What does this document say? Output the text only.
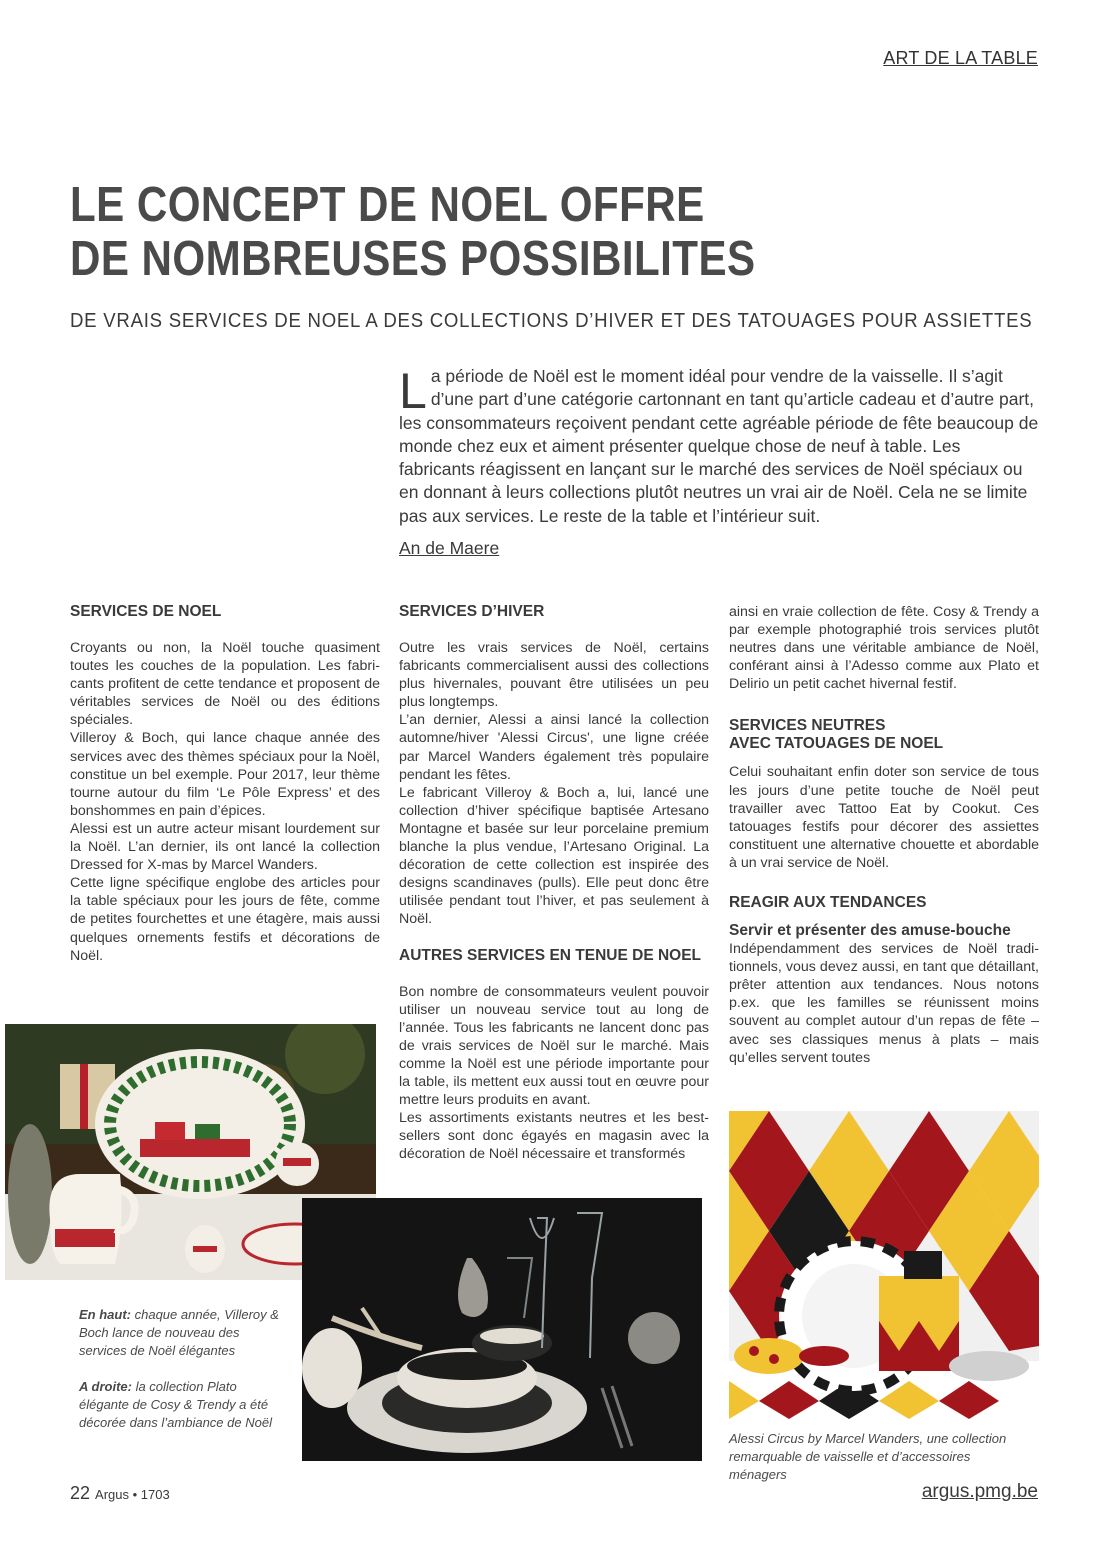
ART DE LA TABLE
LE CONCEPT DE NOEL OFFRE
DE NOMBREUSES POSSIBILITES
DE VRAIS SERVICES DE NOEL A DES COLLECTIONS D’HIVER ET DES TATOUAGES POUR ASSIETTES
La période de Noël est le moment idéal pour vendre de la vaisselle. Il s’agit d’une part d’une catégorie cartonnant en tant qu’article cadeau et d’autre part, les consommateurs reçoivent pendant cette agréable période de fête beaucoup de monde chez eux et aiment présenter quelque chose de neuf à table. Les fabricants réagissent en lançant sur le marché des services de Noël spéciaux ou en donnant à leurs collections plutôt neutres un vrai air de Noël. Cela ne se limite pas aux services. Le reste de la table et l’intérieur suit.
An de Maere
SERVICES DE NOEL

Croyants ou non, la Noël touche quasiment toutes les couches de la population. Les fabricants profitent de cette tendance et proposent de véritables services de Noël ou des éditions spéciales.

Villeroy & Boch, qui lance chaque année des services avec des thèmes spéciaux pour la Noël, constitue un bel exemple. Pour 2017, leur thème tourne autour du film ‘Le Pôle Express’ et des bonshommes en pain d’épices.

Alessi est un autre acteur misant lourdement sur la Noël. L’an dernier, ils ont lancé la collection Dressed for X-mas by Marcel Wanders.

Cette ligne spécifique englobe des articles pour la table spéciaux pour les jours de fête, comme de petites fourchettes et une étagère, mais aussi quelques ornements festifs et décorations de Noël.

SERVICES D’HIVER

Outre les vrais services de Noël, certains fabricants commercialisent aussi des collections plus hivernales, pouvant être utilisées un peu plus longtemps.

L’an dernier, Alessi a ainsi lancé la collection automne/hiver 'Alessi Circus', une ligne créée par Marcel Wanders également très populaire pendant les fêtes.

Le fabricant Villeroy & Boch a, lui, lancé une collection d’hiver spécifique baptisée Artesano Montagne et basée sur leur porcelaine premium blanche la plus vendue, l’Artesano Original. La décoration de cette collection est inspirée des designs scandinaves (pulls). Elle peut donc être utilisée pendant tout l’hiver, et pas seulement à Noël.

AUTRES SERVICES EN TENUE DE NOEL

Bon nombre de consommateurs veulent pouvoir utiliser un nouveau service tout au long de l’année. Tous les fabricants ne lancent donc pas de vrais services de Noël sur le marché. Mais comme la Noël est une période importante pour la table, ils mettent eux aussi tout en œuvre pour mettre leurs produits en avant.

Les assortiments existants neutres et les best-sellers sont donc égayés en magasin avec la décoration de Noël nécessaire et transformés

ainsi en vraie collection de fête. Cosy & Trendy a par exemple photographié trois services plutôt neutres dans une véritable ambiance de Noël, conférant ainsi à l’Adesso comme aux Plato et Delirio un petit cachet hivernal festif.

SERVICES NEUTRES
AVEC TATOUAGES DE NOEL

Celui souhaitant enfin doter son service de tous les jours d’une petite touche de Noël peut travailler avec Tattoo Eat by Cookut. Ces tatouages festifs pour décorer des assiettes constituent une alternative chouette et abordable à un vrai service de Noël.

REAGIR AUX TENDANCES
Servir et présenter des amuse-bouche

Indépendamment des services de Noël traditionnels, vous devez aussi, en tant que détaillant, prêter attention aux tendances. Nous notons p.ex. que les familles se réunissent moins souvent au complet autour d’un repas de fête – avec ses classiques menus à plats – mais qu’elles servent toutes

En haut: chaque année, Villeroy & Boch lance de nouveau des services de Noël élégantes
A droite: la collection Plato élégante de Cosy & Trendy a été décorée dans l’ambiance de Noël
Alessi Circus by Marcel Wanders, une collection remarquable de vaisselle et d’accessoires ménagers
22 Argus • 1703	argus.pmg.be
